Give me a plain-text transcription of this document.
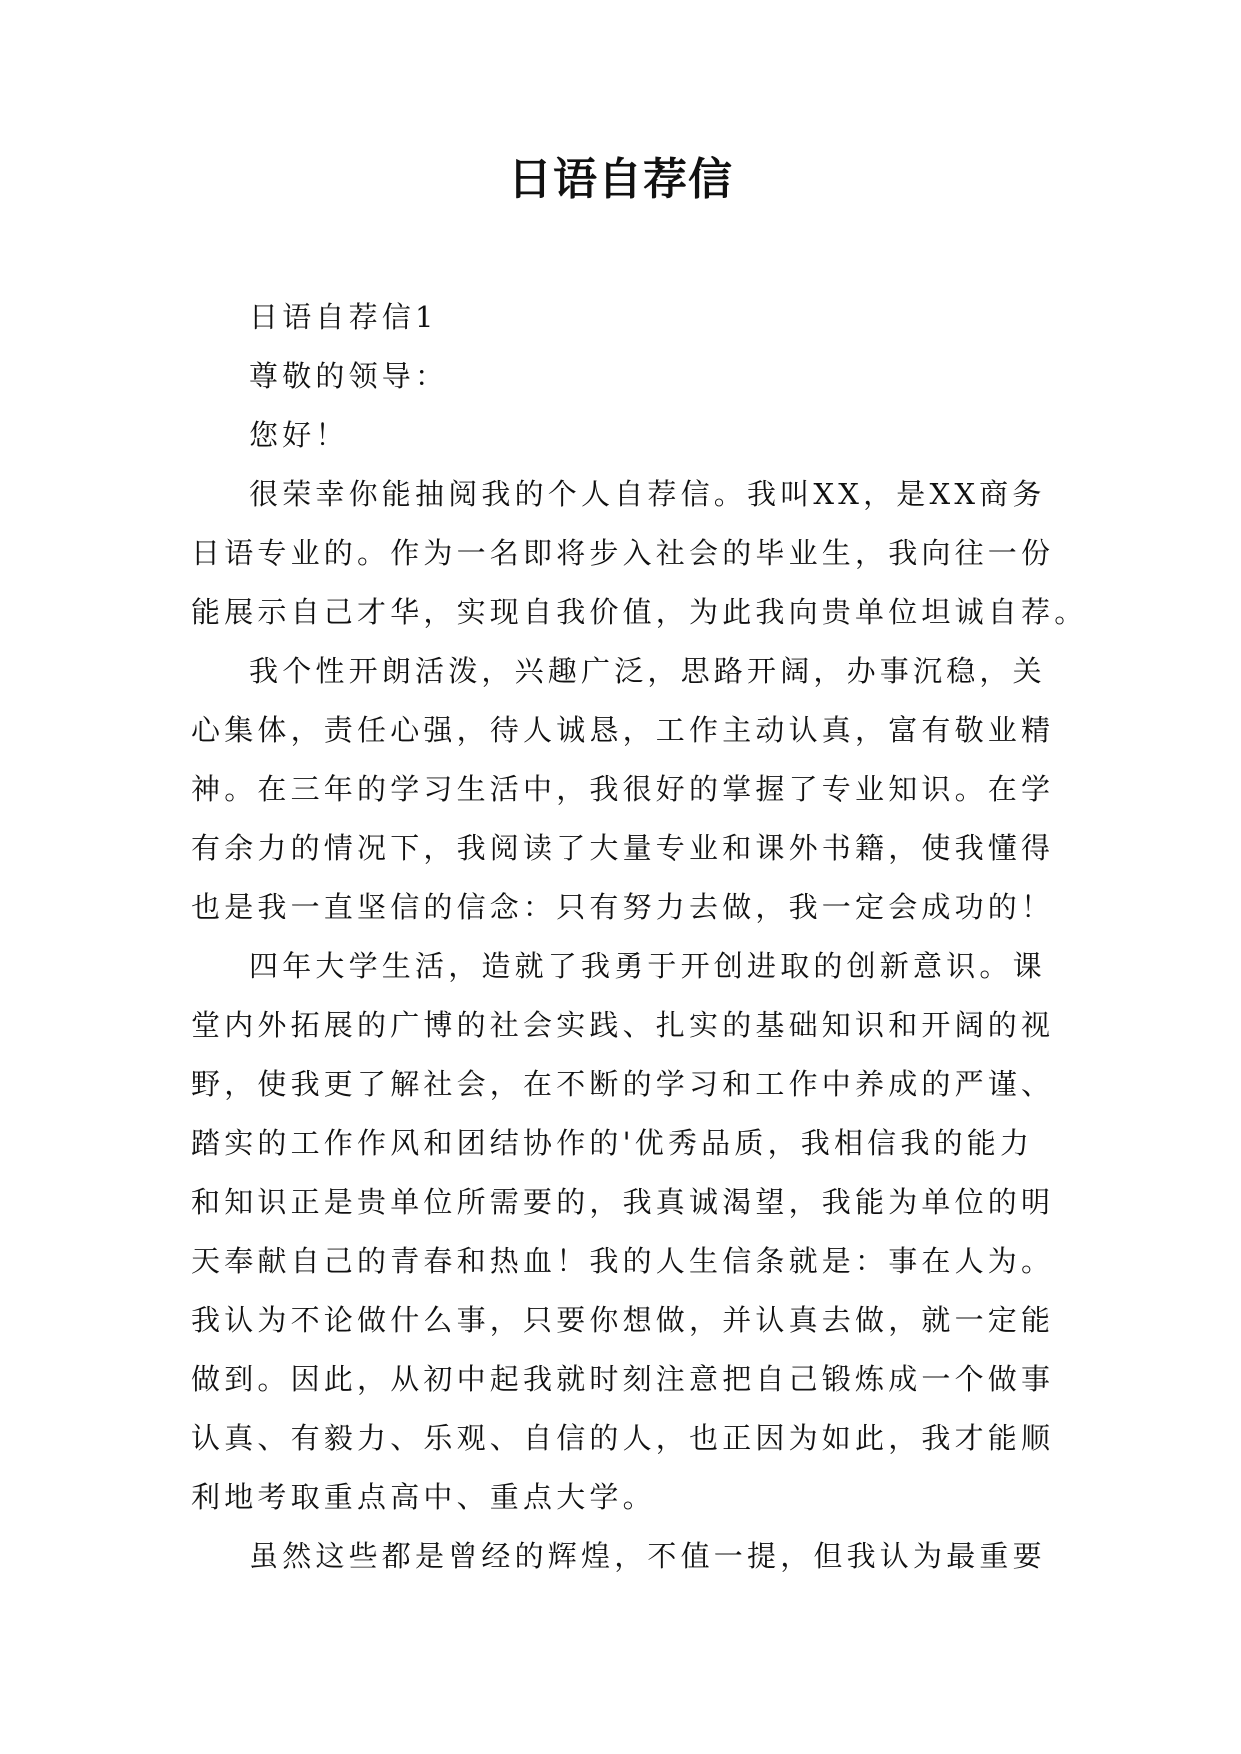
日语自荐信

日语自荐信1

尊敬的领导：

您好！

很荣幸你能抽阅我的个人自荐信。我叫XX，是XX商务
日语专业的。作为一名即将步入社会的毕业生，我向往一份
能展示自己才华，实现自我价值，为此我向贵单位坦诚自荐。

我个性开朗活泼，兴趣广泛，思路开阔，办事沉稳，关
心集体，责任心强，待人诚恳，工作主动认真，富有敬业精
神。在三年的学习生活中，我很好的掌握了专业知识。在学
有余力的情况下，我阅读了大量专业和课外书籍，使我懂得
也是我一直坚信的信念：只有努力去做，我一定会成功的！

四年大学生活，造就了我勇于开创进取的创新意识。课
堂内外拓展的广博的社会实践、扎实的基础知识和开阔的视
野，使我更了解社会，在不断的学习和工作中养成的严谨、
踏实的工作作风和团结协作的'优秀品质，我相信我的能力
和知识正是贵单位所需要的，我真诚渴望，我能为单位的明
天奉献自己的青春和热血！我的人生信条就是：事在人为。
我认为不论做什么事，只要你想做，并认真去做，就一定能
做到。因此，从初中起我就时刻注意把自己锻炼成一个做事
认真、有毅力、乐观、自信的人，也正因为如此，我才能顺
利地考取重点高中、重点大学。

虽然这些都是曾经的辉煌，不值一提，但我认为最重要
